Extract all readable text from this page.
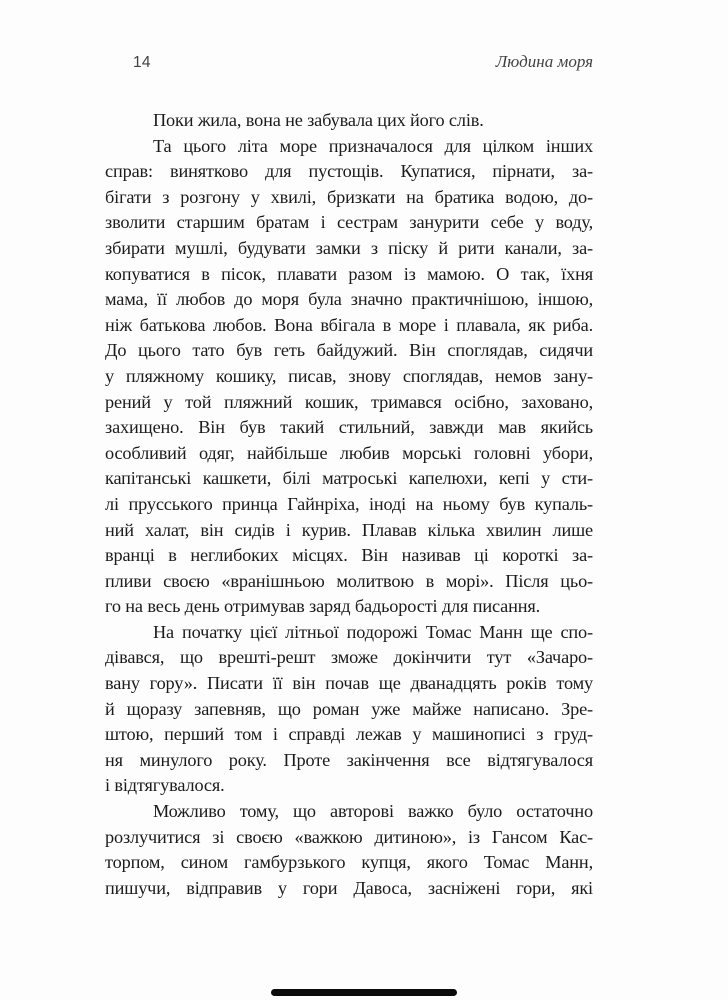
14	Людина моря
Поки жила, вона не забувала цих його слів.
Та цього літа море призначалося для цілком інших
справ: винятково для пустощів. Купатися, пірнати, за-
бігати з розгону у хвилі, бризкати на братика водою, до-
зволити старшим братам і сестрам занурити себе у воду,
збирати мушлі, будувати замки з піску й рити канали, за-
копуватися в пісок, плавати разом із мамою. О так, їхня
мама, її любов до моря була значно практичнішою, іншою,
ніж батькова любов. Вона вбігала в море і плавала, як риба.
До цього тато був геть байдужий. Він споглядав, сидячи
у пляжному кошику, писав, знову споглядав, немов зану-
рений у той пляжний кошик, тримався осібно, заховано,
захищено. Він був такий стильний, завжди мав якийсь
особливий одяг, найбільше любив морські головні убори,
капітанські кашкети, білі матроські капелюхи, кепі у сти-
лі прусського принца Гайнріха, іноді на ньому був купаль-
ний халат, він сидів і курив. Плавав кілька хвилин лише
вранці в неглибоких місцях. Він називав ці короткі за-
пливи своєю «вранішньою молитвою в морі». Після цьо-
го на весь день отримував заряд бадьорості для писання.
На початку цієї літньої подорожі Томас Манн ще спо-
дівався, що врешті-решт зможе докінчити тут «Зачаро-
вану гору». Писати її він почав ще дванадцять років тому
й щоразу запевняв, що роман уже майже написано. Зре-
штою, перший том і справді лежав у машинописі з груд-
ня минулого року. Проте закінчення все відтягувалося
і відтягувалося.
Можливо тому, що авторові важко було остаточно
розлучитися зі своєю «важкою дитиною», із Гансом Кас-
торпом, сином гамбурзького купця, якого Томас Манн,
пишучи, відправив у гори Давоса, засніжені гори, які
